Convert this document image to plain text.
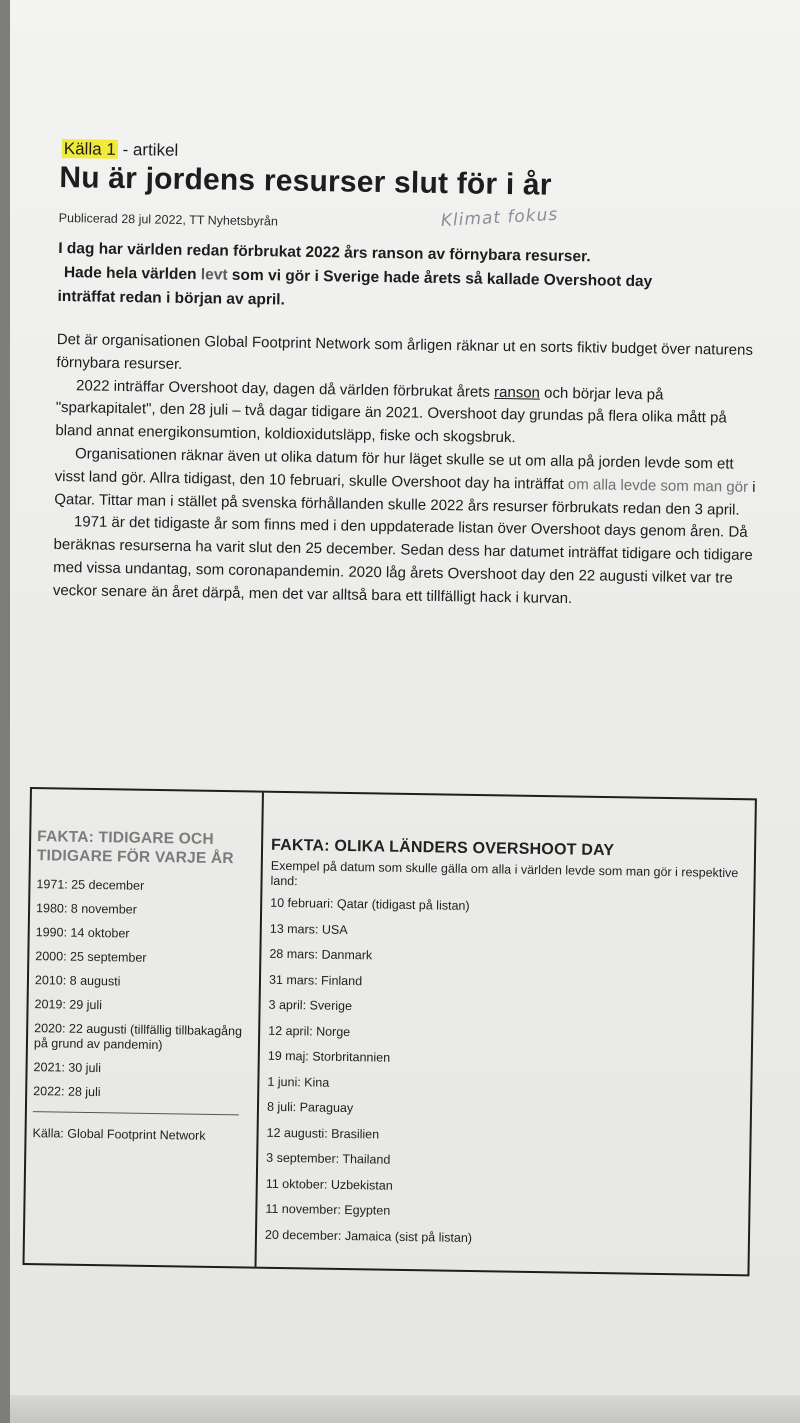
Källa 1 - artikel
Nu är jordens resurser slut för i år
Publicerad 28 jul 2022, TT Nyhetsbyrån	Klimat fokus

I dag har världen redan förbrukat 2022 års ranson av förnybara resurser.

Hade hela världen levt som vi gör i Sverige hade årets så kallade Overshoot day

inträffat redan i början av april.

Det är organisationen Global Footprint Network som årligen räknar ut en sorts fiktiv budget över naturens förnybara resurser.

2022 inträffar Overshoot day, dagen då världen förbrukat årets ranson och börjar leva på "sparkapitalet", den 28 juli – två dagar tidigare än 2021. Overshoot day grundas på flera olika mått på bland annat energikonsumtion, koldioxidutsläpp, fiske och skogsbruk.

Organisationen räknar även ut olika datum för hur läget skulle se ut om alla på jorden levde som ett visst land gör. Allra tidigast, den 10 februari, skulle Overshoot day ha inträffat om alla levde som man gör i Qatar. Tittar man i stället på svenska förhållanden skulle 2022 års resurser förbrukats redan den 3 april.

1971 är det tidigaste år som finns med i den uppdaterade listan över Overshoot days genom åren. Då beräknas resurserna ha varit slut den 25 december. Sedan dess har datumet inträffat tidigare och tidigare med vissa undantag, som coronapandemin. 2020 låg årets Overshoot day den 22 augusti vilket var tre veckor senare än året därpå, men det var alltså bara ett tillfälligt hack i kurvan.

FAKTA: TIDIGARE OCH TIDIGARE FÖR VARJE ÅR
1971: 25 december
1980: 8 november
1990: 14 oktober
2000: 25 september
2010: 8 augusti
2019: 29 juli
2020: 22 augusti (tillfällig tillbakagång på grund av pandemin)
2021: 30 juli
2022: 28 juli
Källa: Global Footprint Network
FAKTA: OLIKA LÄNDERS OVERSHOOT DAY
Exempel på datum som skulle gälla om alla i världen levde som man gör i respektive land:
10 februari: Qatar (tidigast på listan)
13 mars: USA
28 mars: Danmark
31 mars: Finland
3 april: Sverige
12 april: Norge
19 maj: Storbritannien
1 juni: Kina
8 juli: Paraguay
12 augusti: Brasilien
3 september: Thailand
11 oktober: Uzbekistan
11 november: Egypten
20 december: Jamaica (sist på listan)
